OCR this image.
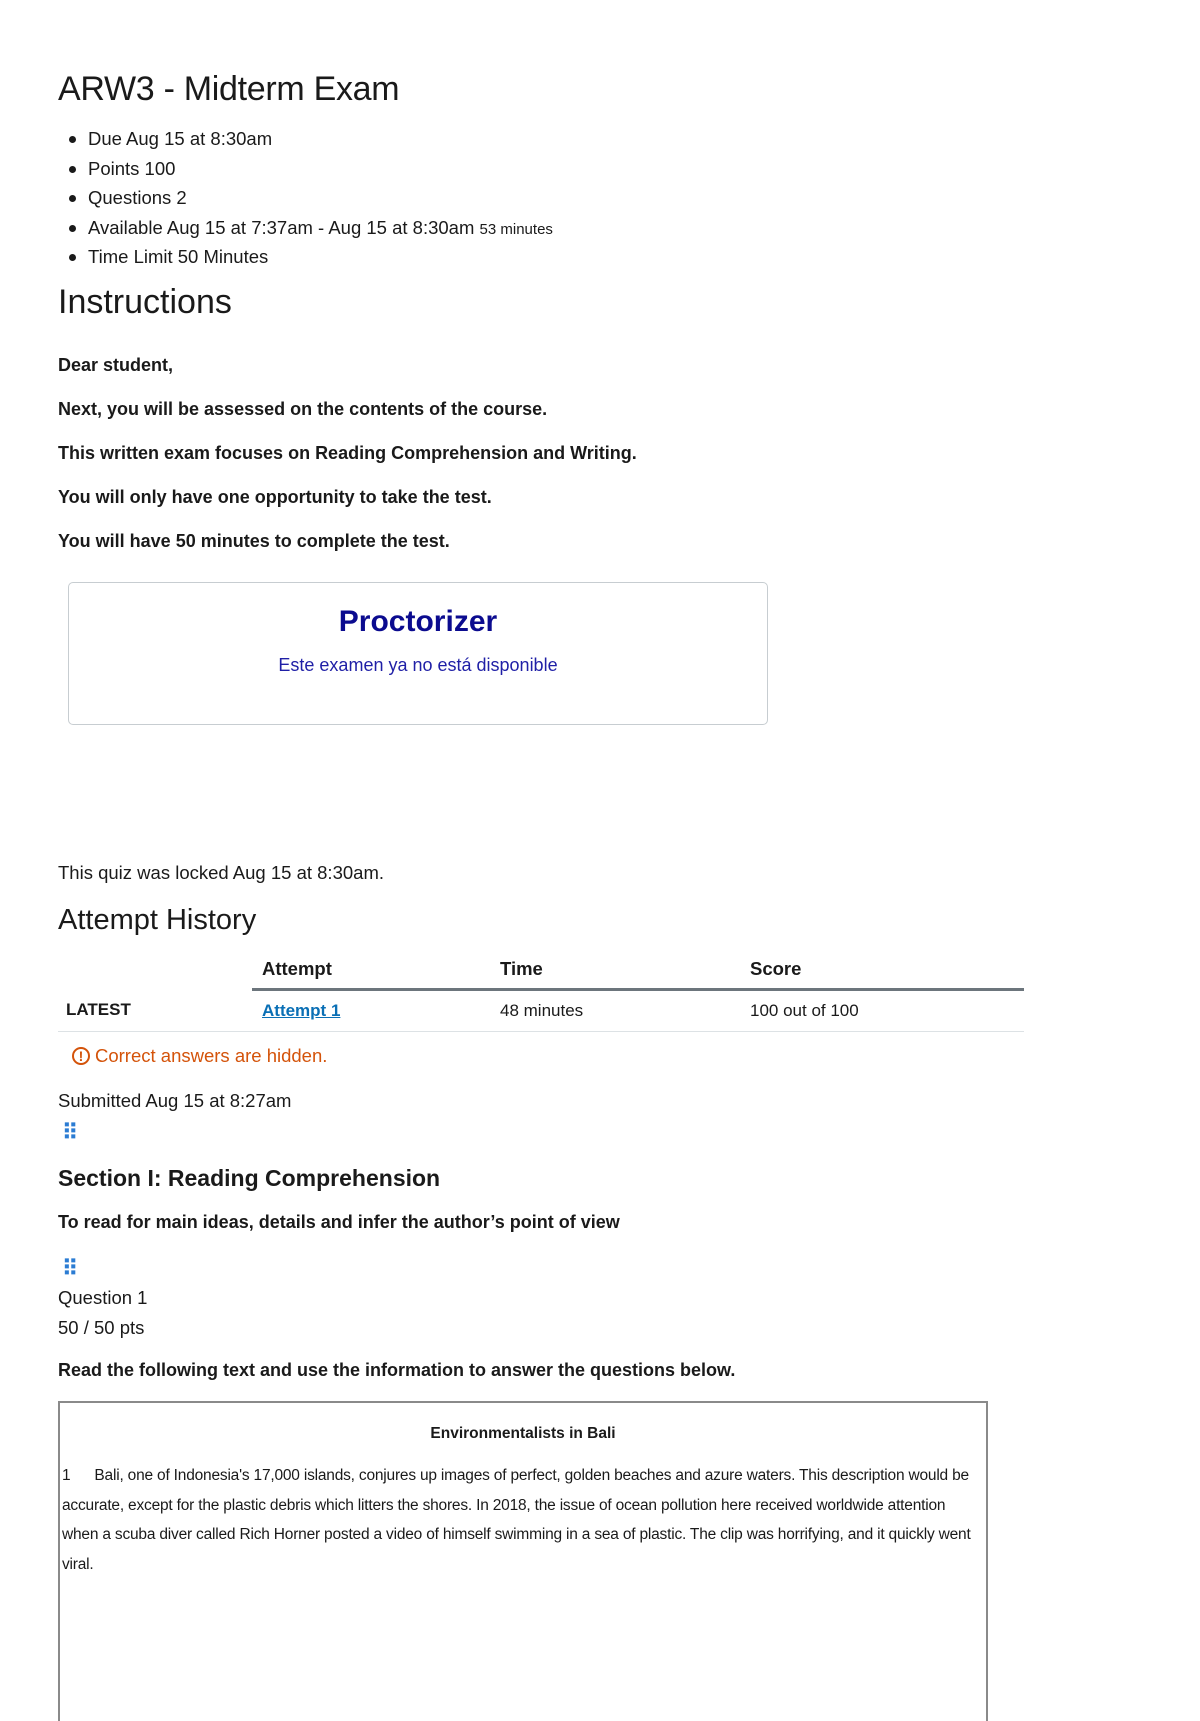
ARW3 - Midterm Exam
Due Aug 15 at 8:30am
Points 100
Questions 2
Available Aug 15 at 7:37am - Aug 15 at 8:30am 53 minutes
Time Limit 50 Minutes
Instructions

Dear student,

Next, you will be assessed on the contents of the course.

This written exam focuses on Reading Comprehension and Writing.

You will only have one opportunity to take the test.

You will have 50 minutes to complete the test.

Proctorizer
Este examen ya no está disponible
This quiz was locked Aug 15 at 8:30am.
Attempt History
	Attempt	Time	Score
LATEST	Attempt 1	48 minutes	100 out of 100
! Correct answers are hidden.
Submitted Aug 15 at 8:27am
⠿
Section I: Reading Comprehension
To read for main ideas, details and infer the author’s point of view
⠿
Question 1
50 / 50 pts
Read the following text and use the information to answer the questions below.
Environmentalists in Bali
1 Bali, one of Indonesia's 17,000 islands, conjures up images of perfect, golden beaches and azure waters. This description would be accurate, except for the plastic debris which litters the shores. In 2018, the issue of ocean pollution here received worldwide attention when a scuba diver called Rich Horner posted a video of himself swimming in a sea of plastic. The clip was horrifying, and it quickly went viral.
